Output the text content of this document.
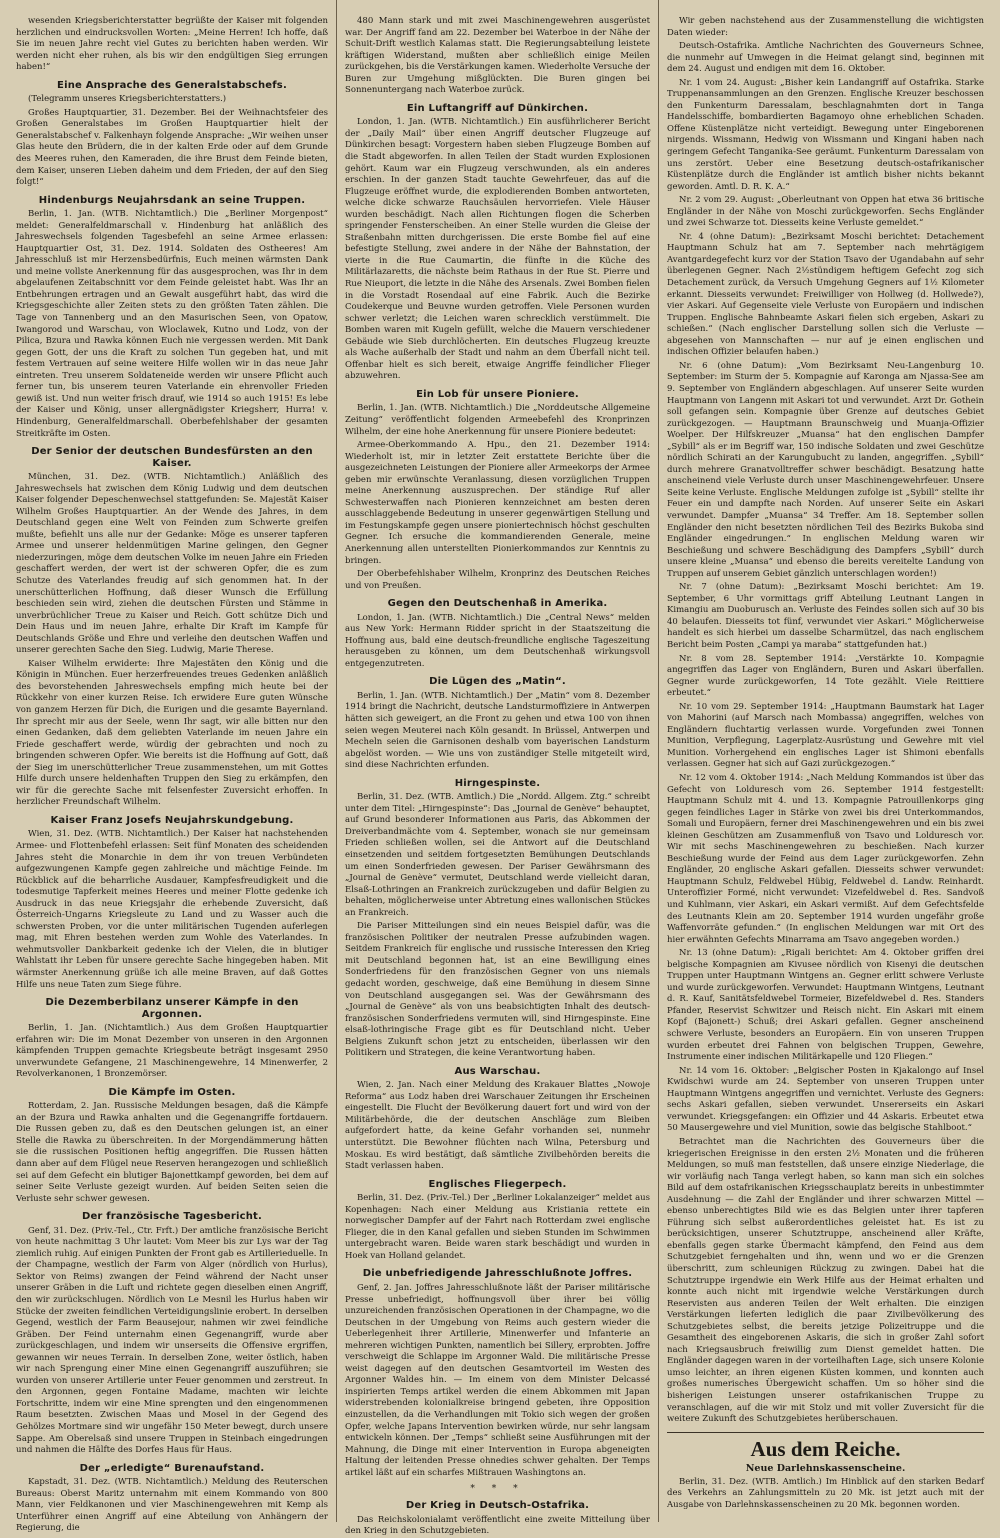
wesenden Kriegsberichterstatter begrüßte der Kaiser mit folgenden herzlichen und eindrucksvollen Worten: „Meine Herren! Ich hoffe, daß Sie im neuen Jahre recht viel Gutes zu berichten haben werden. Wir werden nicht eher ruhen, als bis wir den endgültigen Sieg errungen haben!“
Eine Ansprache des Generalstabschefs.
(Telegramm unseres Kriegsberichterstatters.)
Großes Hauptquartier, 31. Dezember. Bei der Weihnachtsfeier des Großen Generalstabes im Großen Hauptquartier hielt der Generalstabschef v. Falkenhayn folgende Ansprache: „Wir weihen unser Glas heute den Brüdern, die in der kalten Erde oder auf dem Grunde des Meeres ruhen, den Kameraden, die ihre Brust dem Feinde bieten, dem Kaiser, unseren Lieben daheim und dem Frieden, der auf den Sieg folgt!“
Hindenburgs Neujahrsdank an seine Truppen.
Berlin, 1. Jan. (WTB. Nichtamtlich.) Die „Berliner Morgenpost“ meldet: Generalfeldmarschall v. Hindenburg hat anläßlich des Jahreswechsels folgenden Tagesbefehl an seine Armee erlassen: Hauptquartier Ost, 31. Dez. 1914. Soldaten des Ostheeres! Am Jahresschluß ist mir Herzensbedürfnis, Euch meinen wärmsten Dank und meine vollste Anerkennung für das ausgesprochen, was Ihr in dem abgelaufenen Zeitabschnitt vor dem Feinde geleistet habt. Was Ihr an Entbehrungen ertragen und an Gewalt ausgeführt habt, das wird die Kriegsgeschichte aller Zeiten stets zu den größten Taten zählen. Die Tage von Tannenberg und an den Masurischen Seen, von Opatow, Iwangorod und Warschau, von Wloclawek, Kutno und Lodz, von der Pilica, Bzura und Rawka können Euch nie vergessen werden. Mit Dank gegen Gott, der uns die Kraft zu solchen Tun gegeben hat, und mit festem Vertrauen auf seine weitere Hilfe wollen wir in das neue Jahr eintreten. Treu unserem Soldateneide werden wir unsere Pflicht auch ferner tun, bis unserem teuren Vaterlande ein ehrenvoller Frieden gewiß ist. Und nun weiter frisch drauf, wie 1914 so auch 1915! Es lebe der Kaiser und König, unser allergnädigster Kriegsherr, Hurra! v. Hindenburg, Generalfeldmarschall. Oberbefehlshaber der gesamten Streitkräfte im Osten.
Der Senior der deutschen Bundesfürsten an den Kaiser.
München, 31. Dez. (WTB. Nichtamtlich.) Anläßlich des Jahreswechsels hat zwischen dem König Ludwig und dem deutschen Kaiser folgender Depeschenwechsel stattgefunden: Se. Majestät Kaiser Wilhelm Großes Hauptquartier. An der Wende des Jahres, in dem Deutschland gegen eine Welt von Feinden zum Schwerte greifen mußte, befiehlt uns alle nur der Gedanke: Möge es unserer tapferen Armee und unserer heldenmütigen Marine gelingen, den Gegner niederzuringen, möge dem deutschen Volke im neuen Jahre ein Frieden geschaffert werden, der wert ist der schweren Opfer, die es zum Schutze des Vaterlandes freudig auf sich genommen hat. In der unerschütterlichen Hoffnung, daß dieser Wunsch die Erfüllung beschieden sein wird, ziehen die deutschen Fürsten und Stämme in unverbrüchlicher Treue zu Kaiser und Reich. Gott schütze Dich und Dein Haus und im neuen Jahre, erhalte Dir Kraft im Kampfe für Deutschlands Größe und Ehre und verleihe den deutschen Waffen und unserer gerechten Sache den Sieg. Ludwig, Marie Therese.
Kaiser Wilhelm erwiderte: Ihre Majestäten den König und die Königin in München. Euer herzerfreuendes treues Gedenken anläßlich des bevorstehenden Jahreswechsels empfing mich heute bei der Rückkehr von einer kurzen Reise. Ich erwidere Eure guten Wünsche von ganzem Herzen für Dich, die Eurigen und die gesamte Bayernland. Ihr sprecht mir aus der Seele, wenn Ihr sagt, wir alle bitten nur den einen Gedanken, daß dem geliebten Vaterlande im neuen Jahre ein Friede geschaffert werde, würdig der gebrachten und noch zu bringenden schweren Opfer. Wie bereits ist die Hoffnung auf Gott, daß der Sieg im unerschütterlicher Treue zusammenstehen, um mit Gottes Hilfe durch unsere heldenhaften Truppen den Sieg zu erkämpfen, den wir für die gerechte Sache mit felsenfester Zuversicht erhoffen. In herzlicher Freundschaft Wilhelm.
Kaiser Franz Josefs Neujahrskundgebung.
Wien, 31. Dez. (WTB. Nichtamtlich.) Der Kaiser hat nachstehenden Armee- und Flottenbefehl erlassen: Seit fünf Monaten des scheidenden Jahres steht die Monarchie in dem ihr von treuen Verbündeten aufgezwungenen Kampfe gegen zahlreiche und mächtige Feinde. Im Rückblick auf die beharrliche Ausdauer, Kampfesfreudigkeit und die todesmutige Tapferkeit meines Heeres und meiner Flotte gedenke ich Ausdruck in das neue Kriegsjahr die erhebende Zuversicht, daß Österreich-Ungarns Kriegsleute zu Land und zu Wasser auch die schwersten Proben, vor die unter militärischen Tugenden auferlegen mag, mit Ehren bestehen werden zum Wohle des Vaterlandes. In wehmutsvoller Dankbarkeit gedenke ich der Vielen, die in blutiger Wahlstatt ihr Leben für unsere gerechte Sache hingegeben haben. Mit wärmster Anerkennung grüße ich alle meine Braven, auf daß Gottes Hilfe uns neue Taten zum Siege führe.
Die Dezemberbilanz unserer Kämpfe in den Argonnen.
Berlin, 1. Jan. (Nichtamtlich.) Aus dem Großen Hauptquartier erfahren wir: Die im Monat Dezember von unseren in den Argonnen kämpfenden Truppen gemachte Kriegsbeute beträgt insgesamt 2950 unverwundete Gefangene, 21 Maschinengewehre, 14 Minenwerfer, 2 Revolverkanonen, 1 Bronzemörser.
Die Kämpfe im Osten.
Rotterdam, 2. Jan. Russische Meldungen besagen, daß die Kämpfe an der Bzura und Rawka anhalten und die Gegenangriffe fortdauern. Die Russen geben zu, daß es den Deutschen gelungen ist, an einer Stelle die Rawka zu überschreiten. In der Morgendämmerung hätten sie die russischen Positionen heftig angegriffen. Die Russen hätten dann aber auf dem Flügel neue Reserven herangezogen und schließlich sei auf dem Gefecht ein blutiger Bajonettkampf geworden, bei dem auf seiner Seite Verluste gezeigt wurden. Auf beiden Seiten seien die Verluste sehr schwer gewesen.
Der französische Tagesbericht.
Genf, 31. Dez. (Priv.-Tel., Ctr. Frft.) Der amtliche französische Bericht von heute nachmittag 3 Uhr lautet: Vom Meer bis zur Lys war der Tag ziemlich ruhig. Auf einigen Punkten der Front gab es Artillerieduelle. In der Champagne, westlich der Farm von Alger (nördlich von Hurlus), Sektor von Reims) zwangen der Feind während der Nacht unser unserer Gräben in die Luft und richtete gegen dieselben einen Angriff, den wir zurückschlugen. Nördlich von Le Mesnil les Hurlus haben wir Stücke der zweiten feindlichen Verteidigungslinie erobert. In derselben Gegend, westlich der Farm Beausejour, nahmen wir zwei feindliche Gräben. Der Feind unternahm einen Gegenangriff, wurde aber zurückgeschlagen, und indem wir unserseits die Offensive ergriffen, gewannen wir neues Terrain. In derselben Zone, weiter östlich, haben wir nach Sprengung einer Mine einen Gegenangriff auszuführen; sie wurden von unserer Artillerie unter Feuer genommen und zerstreut. In den Argonnen, gegen Fontaine Madame, machten wir leichte Fortschritte, indem wir eine Mine sprengten und den eingenommenen Raum besetzten. Zwischen Maas und Mosel in der Gegend des Gehölzes Mortmare sind wir ungefähr 150 Meter bewegt, durch unsere Sappe. Am Oberelsaß sind unsere Truppen in Steinbach eingedrungen und nahmen die Hälfte des Dorfes Haus für Haus.
Der „erledigte“ Burenaufstand.
Kapstadt, 31. Dez. (WTB. Nichtamtlich.) Meldung des Reuterschen Bureaus: Oberst Maritz unternahm mit einem Kommando von 800 Mann, vier Feldkanonen und vier Maschinengewehren mit Kemp als Unterführer einen Angriff auf eine Abteilung von Anhängern der Regierung, die
480 Mann stark und mit zwei Maschinengewehren ausgerüstet war. Der Angriff fand am 22. Dezember bei Waterboe in der Nähe der Schuit-Drift westlich Kalamas statt. Die Regierungsabteilung leistete kräftigen Widerstand, mußten aber schließlich einige Meilen zurückgehen, bis die Verstärkungen kamen. Wiederholte Versuche der Buren zur Umgehung mißglückten. Die Buren gingen bei Sonnenuntergang nach Waterboe zurück.
Ein Luftangriff auf Dünkirchen.
London, 1. Jan. (WTB. Nichtamtlich.) Ein ausführlicherer Bericht der „Daily Mail“ über einen Angriff deutscher Flugzeuge auf Dünkirchen besagt: Vorgestern haben sieben Flugzeuge Bomben auf die Stadt abgeworfen. In allen Teilen der Stadt wurden Explosionen gehört. Kaum war ein Flugzeug verschwunden, als ein anderes erschien. In der ganzen Stadt tauchte Gewehrfeuer, das auf die Flugzeuge eröffnet wurde, die explodierenden Bomben antworteten, welche dicke schwarze Rauchsäulen hervorriefen. Viele Häuser wurden beschädigt. Nach allen Richtungen flogen die Scherben springender Fensterscheiben. An einer Stelle wurden die Gleise der Straßenbahn mitten durchgerissen. Die erste Bombe fiel auf eine befestigte Stellung, zwei andere in der Nähe der Bahnstation, der vierte in die Rue Caumartin, die fünfte in die Küche des Militärlazaretts, die nächste beim Rathaus in der Rue St. Pierre und Rue Nieuport, die letzte in die Nähe des Arsenals. Zwei Bomben fielen in die Vorstadt Rosendaal auf eine Fabrik. Auch die Bezirke Coudekerque und Beuvne wurden getroffen. Viele Personen wurden schwer verletzt; die Leichen waren schrecklich verstümmelt. Die Bomben waren mit Kugeln gefüllt, welche die Mauern verschiedener Gebäude wie Sieb durchlöcherten. Ein deutsches Flugzeug kreuzte als Wache außerhalb der Stadt und nahm an dem Überfall nicht teil. Offenbar hielt es sich bereit, etwaige Angriffe feindlicher Flieger abzuwehren.
Ein Lob für unsere Pioniere.
Berlin, 1. Jan. (WTB. Nichtamtlich.) Die „Norddeutsche Allgemeine Zeitung“ veröffentlicht folgenden Armeebefehl des Kronprinzen Wilhelm, der eine hohe Anerkennung für unsere Pioniere bedeutet:
Armee-Oberkommando A. Hpu., den 21. Dezember 1914: Wiederholt ist, mir in letzter Zeit erstattete Berichte über die ausgezeichneten Leistungen der Pioniere aller Armeekorps der Armee geben mir erwünschte Veranlassung, diesen vorzüglichen Truppen meine Anerkennung auszusprechen. Der ständige Ruf aller Schwesterwaffen nach Pionieren kennzeichnet am besten deren ausschlaggebende Bedeutung in unserer gegenwärtigen Stellung und im Festungskampfe gegen unsere pioniertechnisch höchst geschulten Gegner. Ich ersuche die kommandierenden Generale, meine Anerkennung allen unterstellten Pionierkommandos zur Kenntnis zu bringen.
Der Oberbefehlshaber Wilhelm, Kronprinz des Deutschen Reiches und von Preußen.
Gegen den Deutschenhaß in Amerika.
London, 1. Jan. (WTB. Nichtamtlich.) Die „Central News“ melden aus New York: Hermann Ridder spricht in der Staatszeitung die Hoffnung aus, bald eine deutsch-freundliche englische Tageszeitung herausgeben zu können, um dem Deutschenhaß wirkungsvoll entgegenzutreten.
Die Lügen des „Matin“.
Berlin, 1. Jan. (WTB. Nichtamtlich.) Der „Matin“ vom 8. Dezember 1914 bringt die Nachricht, deutsche Landsturmoffiziere in Antwerpen hätten sich geweigert, an die Front zu gehen und etwa 100 von ihnen seien wegen Meuterei nach Köln gesandt. In Brüssel, Antwerpen und Mecheln seien die Garnisonen deshalb vom bayerischen Landsturm abgelöst worden. — Wie uns von zuständiger Stelle mitgeteilt wird, sind diese Nachrichten erfunden.
Hirngespinste.
Berlin, 31. Dez. (WTB. Amtlich.) Die „Nordd. Allgem. Ztg.“ schreibt unter dem Titel: „Hirngespinste“: Das „Journal de Genève“ behauptet, auf Grund besonderer Informationen aus Paris, das Abkommen der Dreiverbandmächte vom 4. September, wonach sie nur gemeinsam Frieden schließen wollen, sei die Antwort auf die Deutschland einsetzenden und seitdem fortgesetzten Bemühungen Deutschlands um einen Sonderfrieden gewesen. Der Pariser Gewährsmann des „Journal de Genève“ vermutet, Deutschland werde vielleicht daran, Elsaß-Lothringen an Frankreich zurückzugeben und dafür Belgien zu behalten, möglicherweise unter Abtretung eines wallonischen Stückes an Frankreich.
Die Pariser Mitteilungen sind ein neues Beispiel dafür, was die französischen Politiker der neutralen Presse aufzubinden wagen. Seitdem Frankreich für englische und russische Interessen den Krieg mit Deutschland begonnen hat, ist an eine Bewilligung eines Sonderfriedens für den französischen Gegner von uns niemals gedacht worden, geschweige, daß eine Bemühung in diesem Sinne von Deutschland ausgegangen sei. Was der Gewährsmann des „Journal de Genève“ als von uns beabsichtigten Inhalt des deutsch-französischen Sonderfriedens vermuten will, sind Hirngespinste. Eine elsaß-lothringische Frage gibt es für Deutschland nicht. Ueber Belgiens Zukunft schon jetzt zu entscheiden, überlassen wir den Politikern und Strategen, die keine Verantwortung haben.
Aus Warschau.
Wien, 2. Jan. Nach einer Meldung des Krakauer Blattes „Nowoje Reforma“ aus Lodz haben drei Warschauer Zeitungen ihr Erscheinen eingestellt. Die Flucht der Bevölkerung dauert fort und wird von der Militärbehörde, die der deutschen Anschläge zum Bleiben aufgefordert hatte, da keine Gefahr vorhanden sei, nunmehr unterstützt. Die Bewohner flüchten nach Wilna, Petersburg und Moskau. Es wird bestätigt, daß sämtliche Zivilbehörden bereits die Stadt verlassen haben.
Englisches Fliegerpech.
Berlin, 31. Dez. (Priv.-Tel.) Der „Berliner Lokalanzeiger“ meldet aus Kopenhagen: Nach einer Meldung aus Kristiania rettete ein norwegischer Dampfer auf der Fahrt nach Rotterdam zwei englische Flieger, die in den Kanal gefallen und sieben Stunden im Schwimmen untergebracht waren. Beide waren stark beschädigt und wurden in Hoek van Holland gelandet.
Die unbefriedigende Jahresschlußnote Joffres.
Genf, 2. Jan. Joffres Jahresschlußnote läßt der Pariser militärische Presse unbefriedigt, hoffnungsvoll über ihrer bei völlig unzureichenden französischen Operationen in der Champagne, wo die Deutschen in der Umgebung von Reims auch gestern wieder die Ueberlegenheit ihrer Artillerie, Minenwerfer und Infanterie an mehreren wichtigen Punkten, namentlich bei Sillery, erprobten. Joffre verschweigt die Schlappe im Argonner Wald. Die militärische Presse weist dagegen auf den deutschen Gesamtvorteil im Westen des Argonner Waldes hin. — Im einem von dem Minister Delcassé inspirierten Temps artikel werden die einem Abkommen mit Japan widerstrebenden kolonialkreise bringend gebeten, ihre Opposition einzustellen, da die Verhandlungen mit Tokio sich wegen der großen Opfer, welche Japans Intervention bewirken würde, nur sehr langsam entwickeln können. Der „Temps“ schließt seine Ausführungen mit der Mahnung, die Dinge mit einer Intervention in Europa abgeneigten Haltung der leitenden Presse ohnedies schwer gehalten. Der Temps artikel läßt auf ein scharfes Mißtrauen Washingtons an.
* * *
Der Krieg in Deutsch-Ostafrika.
Das Reichskolonialamt veröffentlicht eine zweite Mitteilung über den Krieg in den Schutzgebieten.
Wir geben nachstehend aus der Zusammenstellung die wichtigsten Daten wieder:
Deutsch-Ostafrika. Amtliche Nachrichten des Gouverneurs Schnee, die nunmehr auf Umwegen in die Heimat gelangt sind, beginnen mit dem 24. August und endigen mit dem 16. Oktober.
Nr. 1 vom 24. August: „Bisher kein Landangriff auf Ostafrika. Starke Truppenansammlungen an den Grenzen. Englische Kreuzer beschossen den Funkenturm Daressalam, beschlagnahmten dort in Tanga Handelsschiffe, bombardierten Bagamoyo ohne erheblichen Schaden. Offene Küstenplätze nicht verteidigt. Bewegung unter Eingeborenen nirgends. Wissmann, Hedwig von Wissmann und Kingani haben nach geringem Gefecht Tanganika-See geräumt. Funkenturm Daressalam von uns zerstört. Ueber eine Besetzung deutsch-ostafrikanischer Küstenplätze durch die Engländer ist amtlich bisher nichts bekannt geworden. Amtl. D. R. K. A.“
Nr. 2 vom 29. August: „Oberleutnant von Oppen hat etwa 36 britische Engländer in der Nähe von Moschi zurückgeworfen. Sechs Engländer und zwei Schwarze tot. Diesseits keine Verluste gemeldet.“
Nr. 4 (ohne Datum): „Bezirksamt Moschi berichtet: Detachement Hauptmann Schulz hat am 7. September nach mehrtägigem Avantgardegefecht kurz vor der Station Tsavo der Ugandabahn auf sehr überlegenen Gegner. Nach 2½stündigem heftigem Gefecht zog sich Detachement zurück, da Versuch Umgehung Gegners auf 1½ Kilometer erkannt. Diesseits verwundet: Freiwilliger von Hollweg (d. Hollwede?), vier Askari. Auf Gegenseite viele Verluste von Europäern und indischen Truppen. Englische Bahnbeamte Askari fielen sich ergeben, Askari zu schießen.“ (Nach englischer Darstellung sollen sich die Verluste — abgesehen von Mannschaften — nur auf je einen englischen und indischen Offizier belaufen haben.)
Nr. 6 (ohne Datum): „Vom Bezirksamt Neu-Langenburg 10. September: im Sturm der 5. Kompagnie auf Karonga am Njassa-See am 9. September von Engländern abgeschlagen. Auf unserer Seite wurden Hauptmann von Langenn mit Askari tot und verwundet. Arzt Dr. Gothein soll gefangen sein. Kompagnie über Grenze auf deutsches Gebiet zurückgezogen. — Hauptmann Braunschweig und Muanja-Offizier Woelper. Der Hilfskreuzer „Muansa“ hat den englischen Dampfer „Sybill“ als er im Begriff war, 150 indische Soldaten und zwei Geschütze nördlich Schirati an der Karungubucht zu landen, angegriffen. „Sybill“ durch mehrere Granatvolltreffer schwer beschädigt. Besatzung hatte anscheinend viele Verluste durch unser Maschinengewehrfeuer. Unsere Seite keine Verluste. Englische Meldungen zufolge ist „Sybill“ stellte ihr Feuer ein und dampfte nach Norden. Auf unserer Seite ein Askari verwundet. Dampfer „Muansa“ 34 Treffer. Am 18. September sollen Engländer den nicht besetzten nördlichen Teil des Bezirks Bukoba sind Engländer eingedrungen.“ In englischen Meldung waren wir Beschießung und schwere Beschädigung des Dampfers „Sybill“ durch unsere kleine „Muansa“ und ebenso die bereits vereitelte Landung von Truppen auf unserem Gebiet gänzlich unterschlagen worden!)
Nr. 7 (ohne Datum): „Bezirksamt Moschi berichtet: Am 19. September, 6 Uhr vormittags griff Abteilung Leutnant Langen in Kimangiu am Duoburusch an. Verluste des Feindes sollen sich auf 30 bis 40 belaufen. Diesseits tot fünf, verwundet vier Askari.“ Möglicherweise handelt es sich hierbei um dasselbe Scharmützel, das nach englischem Bericht beim Posten „Campi ya maraba“ stattgefunden hat.)
Nr. 8 vom 28. September 1914: „Verstärkte 10. Kompagnie angegriffen das Lager von Engländern, Buren und Askari überfallen. Gegner wurde zurückgeworfen, 14 Tote gezählt. Viele Reittiere erbeutet.“
Nr. 10 vom 29. September 1914: „Hauptmann Baumstark hat Lager von Mahorini (auf Marsch nach Mombassa) angegriffen, welches von Engländern fluchtartig verlassen wurde. Vorgefunden zwei Tonnen Munition, Verpflegung, Lagerplatz-Ausrüstung und Gewehre mit viel Munition. Vorhergehend ein englisches Lager ist Shimoni ebenfalls verlassen. Gegner hat sich auf Gazi zurückgezogen.“
Nr. 12 vom 4. Oktober 1914: „Nach Meldung Kommandos ist über das Gefecht von Lolduresch vom 26. September 1914 festgestellt: Hauptmann Schulz mit 4. und 13. Kompagnie Patrouillenkorps ging gegen feindliches Lager in Stärke von zwei bis drei Unterkommandos, Somali und Europäern, ferner drei Maschinengewehren und ein bis zwei kleinen Geschützen am Zusammenfluß von Tsavo und Lolduresch vor. Wir mit sechs Maschinengewehren zu beschießen. Nach kurzer Beschießung wurde der Feind aus dem Lager zurückgeworfen. Zehn Engländer, 20 englische Askari gefallen. Diesseits schwer verwundet: Hauptmann Schulz, Feldwebel Hübig, Feldwebel d. Landw. Reinhardt. Unteroffizier Formé, nicht verwundet: Vizefeldwebel d. Res. Sandvoß und Kuhlmann, vier Askari, ein Askari vermißt. Auf dem Gefechtsfelde des Leutnants Klein am 20. September 1914 wurden ungefähr große Waffenvorräte gefunden.“ (In englischen Meldungen war mit Ort des hier erwähnten Gefechts Minarrama am Tsavo angegeben worden.)
Nr. 13 (ohne Datum): „Rigali berichtet: Am 4. Oktober griffen drei belgische Kompagnien am Kivusee nördlich von Kisenyi die deutschen Truppen unter Hauptmann Wintgens an. Gegner erlitt schwere Verluste und wurde zurückgeworfen. Verwundet: Hauptmann Wintgens, Leutnant d. R. Kauf, Sanitätsfeldwebel Tormeier, Bizefeldwebel d. Res. Standers Pfander, Reservist Schwitzer und Reisch nicht. Ein Askari mit einem Kopf (Bajonett-) Schuß; drei Askari gefallen. Gegner anscheinend schwere Verluste, besonders an Europäern. Ein von unseren Truppen wurden erbeutet drei Fahnen von belgischen Truppen, Gewehre, Instrumente einer indischen Militärkapelle und 120 Fliegen.“
Nr. 14 vom 16. Oktober: „Belgischer Posten in Kjakalongo auf Insel Kwidschwi wurde am 24. September von unseren Truppen unter Hauptmann Wintgens angegriffen und vernichtet. Verluste des Gegners: sechs Askari gefallen, sieben verwundet. Unsererseits ein Askari verwundet. Kriegsgefangen: ein Offizier und 44 Askaris. Erbeutet etwa 50 Mausergewehre und viel Munition, sowie das belgische Stahlboot.“
Betrachtet man die Nachrichten des Gouverneurs über die kriegerischen Ereignisse in den ersten 2½ Monaten und die früheren Meldungen, so muß man feststellen, daß unsere einzige Niederlage, die wir vorläufig nach Tanga verlegt haben, so kann man sich ein solches Bild auf dem ostafrikanischen Kriegsschauplatz bereits in unbestimmter Ausdehnung — die Zahl der Engländer und ihrer schwarzen Mittel — ebenso unberechtigtes Bild wie es das Belgien unter ihrer tapferen Führung sich selbst außerordentliches geleistet hat. Es ist zu berücksichtigen, unserer Schutztruppe, anscheinend aller Kräfte, ebenfalls gegen starke Übermacht kämpfend, den Feind aus dem Schutzgebiet ferngehalten und ihn, wenn und wo er die Grenzen überschritt, zum schleunigen Rückzug zu zwingen. Dabei hat die Schutztruppe irgendwie ein Werk Hilfe aus der Heimat erhalten und konnte auch nicht mit irgendwie welche Verstärkungen durch Reservisten aus anderen Teilen der Welt erhalten. Die einzigen Verstärkungen lieferten lediglich die paar Zivilbevölkerung des Schutzgebietes selbst, die bereits jetzige Polizeitruppe und die Gesamtheit des eingeborenen Askaris, die sich in großer Zahl sofort nach Kriegsausbruch freiwillig zum Dienst gemeldet hatten. Die Engländer dagegen waren in der vorteilhaften Lage, sich unsere Kolonie umso leichter, an ihren eigenen Küsten kommen, und konnten auch großes numerisches Übergewicht schaffen. Um so höher sind die bisherigen Leistungen unserer ostafrikanischen Truppe zu veranschlagen, auf die wir mit Stolz und mit voller Zuversicht für die weitere Zukunft des Schutzgebietes herüberschauen.
Aus dem Reiche.
Neue Darlehnskassenscheine.
Berlin, 31. Dez. (WTB. Amtlich.) Im Hinblick auf den starken Bedarf des Verkehrs an Zahlungsmitteln zu 20 Mk. ist jetzt auch mit der Ausgabe von Darlehnskassenscheinen zu 20 Mk. begonnen worden.
